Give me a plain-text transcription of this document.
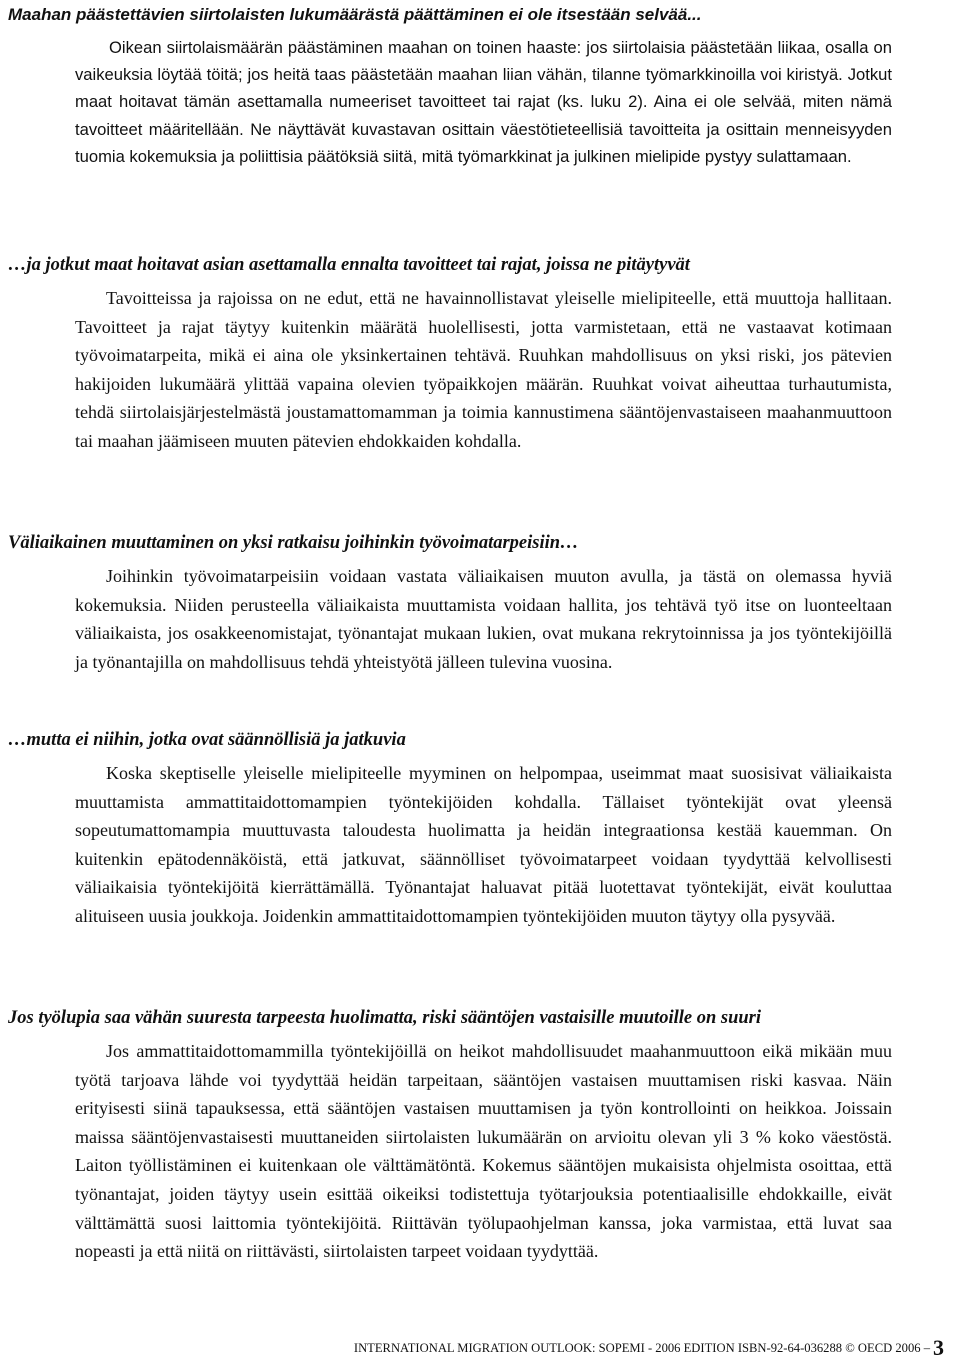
Maahan päästettävien siirtolaisten lukumäärästä päättäminen ei ole itsestään selvää...

Oikean siirtolaismäärän päästäminen maahan on toinen haaste: jos siirtolaisia päästetään liikaa, osalla on vaikeuksia löytää töitä; jos heitä taas päästetään maahan liian vähän, tilanne työmarkkinoilla voi kiristyä. Jotkut maat hoitavat tämän asettamalla numeeriset tavoitteet tai rajat (ks. luku 2). Aina ei ole selvää, miten nämä tavoitteet määritellään. Ne näyttävät kuvastavan osittain väestötieteellisiä tavoitteita ja osittain menneisyyden tuomia kokemuksia ja poliittisia päätöksiä siitä, mitä työmarkkinat ja julkinen mielipide pystyy sulattamaan.

…ja jotkut maat hoitavat asian asettamalla ennalta tavoitteet tai rajat, joissa ne pitäytyvät

Tavoitteissa ja rajoissa on ne edut, että ne havainnollistavat yleiselle mielipiteelle, että muuttoja hallitaan. Tavoitteet ja rajat täytyy kuitenkin määrätä huolellisesti, jotta varmistetaan, että ne vastaavat kotimaan työvoimatarpeita, mikä ei aina ole yksinkertainen tehtävä. Ruuhkan mahdollisuus on yksi riski, jos pätevien hakijoiden lukumäärä ylittää vapaina olevien työpaikkojen määrän. Ruuhkat voivat aiheuttaa turhautumista, tehdä siirtolaisjärjestelmästä joustamattomamman ja toimia kannustimena sääntöjenvastaiseen maahanmuuttoon tai maahan jäämiseen muuten pätevien ehdokkaiden kohdalla.

Väliaikainen muuttaminen on yksi ratkaisu joihinkin työvoimatarpeisiin…

Joihinkin työvoimatarpeisiin voidaan vastata väliaikaisen muuton avulla, ja tästä on olemassa hyviä kokemuksia. Niiden perusteella väliaikaista muuttamista voidaan hallita, jos tehtävä työ itse on luonteeltaan väliaikaista, jos osakkeenomistajat, työnantajat mukaan lukien, ovat mukana rekrytoinnissa ja jos työntekijöillä ja työnantajilla on mahdollisuus tehdä yhteistyötä jälleen tulevina vuosina.

…mutta ei niihin, jotka ovat säännöllisiä ja jatkuvia

Koska skeptiselle yleiselle mielipiteelle myyminen on helpompaa, useimmat maat suosisivat väliaikaista muuttamista ammattitaidottomampien työntekijöiden kohdalla. Tällaiset työntekijät ovat yleensä sopeutumattomampia muuttuvasta taloudesta huolimatta ja heidän integraationsa kestää kauemman. On kuitenkin epätodennäköistä, että jatkuvat, säännölliset työvoimatarpeet voidaan tyydyttää kelvollisesti väliaikaisia työntekijöitä kierrättämällä. Työnantajat haluavat pitää luotettavat työntekijät, eivät kouluttaa alituiseen uusia joukkoja. Joidenkin ammattitaidottomampien työntekijöiden muuton täytyy olla pysyvää.

Jos työlupia saa vähän suuresta tarpeesta huolimatta, riski sääntöjen vastaisille muutoille on suuri

Jos ammattitaidottomammilla työntekijöillä on heikot mahdollisuudet maahanmuuttoon eikä mikään muu työtä tarjoava lähde voi tyydyttää heidän tarpeitaan, sääntöjen vastaisen muuttamisen riski kasvaa. Näin erityisesti siinä tapauksessa, että sääntöjen vastaisen muuttamisen ja työn kontrollointi on heikkoa. Joissain maissa sääntöjenvastaisesti muuttaneiden siirtolaisten lukumäärän on arvioitu olevan yli 3 % koko väestöstä. Laiton työllistäminen ei kuitenkaan ole välttämätöntä. Kokemus sääntöjen mukaisista ohjelmista osoittaa, että työnantajat, joiden täytyy usein esittää oikeiksi todistettuja työtarjouksia potentiaalisille ehdokkaille, eivät välttämättä suosi laittomia työntekijöitä. Riittävän työlupaohjelman kanssa, joka varmistaa, että luvat saa nopeasti ja että niitä on riittävästi, siirtolaisten tarpeet voidaan tyydyttää.

INTERNATIONAL MIGRATION OUTLOOK: SOPEMI - 2006 EDITION ISBN-92-64-036288 © OECD 2006 – 3
